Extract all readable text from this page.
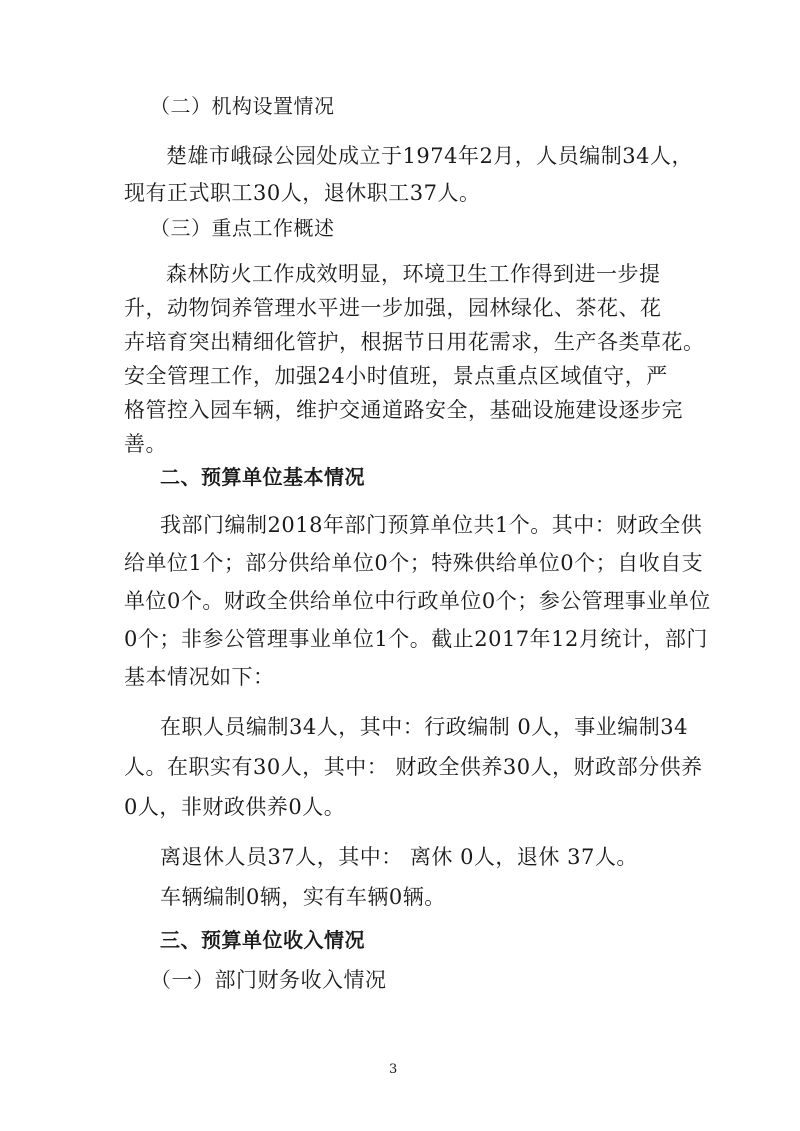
（二）机构设置情况
楚雄市峨碌公园处成立于1974年2月，人员编制34人，
现有正式职工30人，退休职工37人。
（三）重点工作概述
森林防火工作成效明显，环境卫生工作得到进一步提
升，动物饲养管理水平进一步加强，园林绿化、茶花、花
卉培育突出精细化管护，根据节日用花需求，生产各类草花。
安全管理工作，加强24小时值班，景点重点区域值守，严
格管控入园车辆，维护交通道路安全，基础设施建设逐步完
善。
二、预算单位基本情况
我部门编制2018年部门预算单位共1个。其中：财政全供
给单位1个；部分供给单位0个；特殊供给单位0个；自收自支
单位0个。财政全供给单位中行政单位0个；参公管理事业单位
0个；非参公管理事业单位1个。截止2017年12月统计，部门
基本情况如下：
在职人员编制34人，其中：行政编制 0人，事业编制34
人。在职实有30人，其中： 财政全供养30人，财政部分供养
0人，非财政供养0人。
离退休人员37人，其中： 离休 0人，退休 37人。
车辆编制0辆，实有车辆0辆。
三、预算单位收入情况
（一）部门财务收入情况
3
